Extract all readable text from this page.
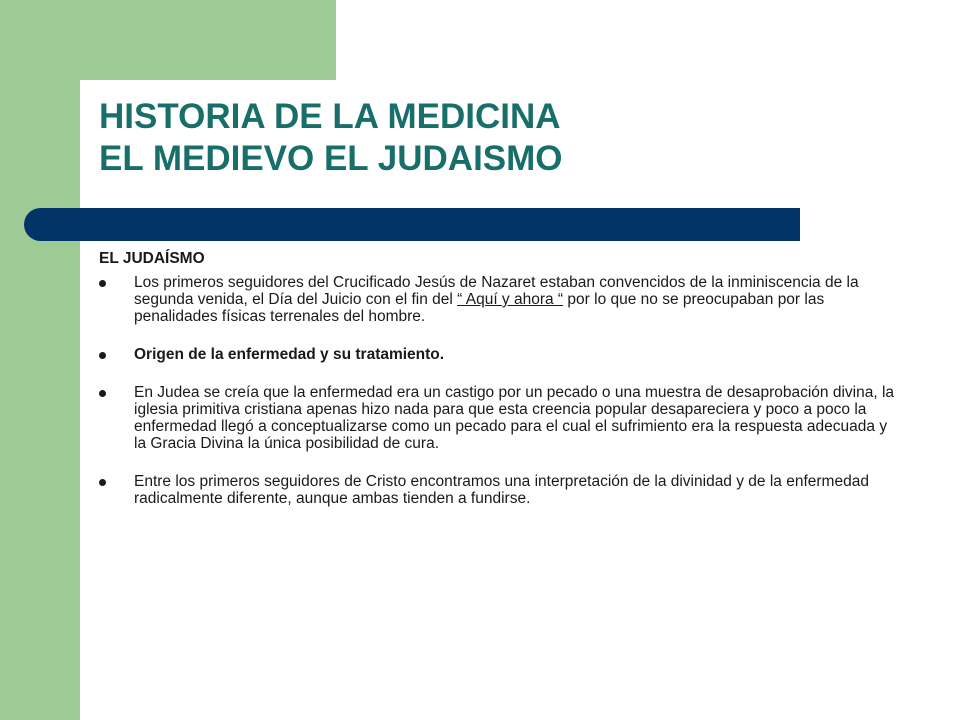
HISTORIA DE LA MEDICINA
EL MEDIEVO EL JUDAISMO
EL JUDAÍSMO
Los primeros seguidores del Crucificado Jesús de Nazaret estaban convencidos de la inminiscencia de la segunda venida, el Día del Juicio con el fin del “ Aquí y ahora “ por lo que no se preocupaban por las penalidades físicas terrenales del hombre.
Origen de la enfermedad y su tratamiento.
En Judea se creía que la enfermedad era un castigo por un pecado o una muestra de desaprobación divina, la iglesia primitiva cristiana apenas hizo nada para que esta creencia popular desapareciera y poco a poco la enfermedad llegó a conceptualizarse como un pecado para el cual el sufrimiento era la respuesta adecuada y la Gracia Divina la única posibilidad de cura.
Entre los primeros seguidores de Cristo encontramos una interpretación de la divinidad y de la enfermedad radicalmente diferente, aunque ambas tienden a fundirse.
